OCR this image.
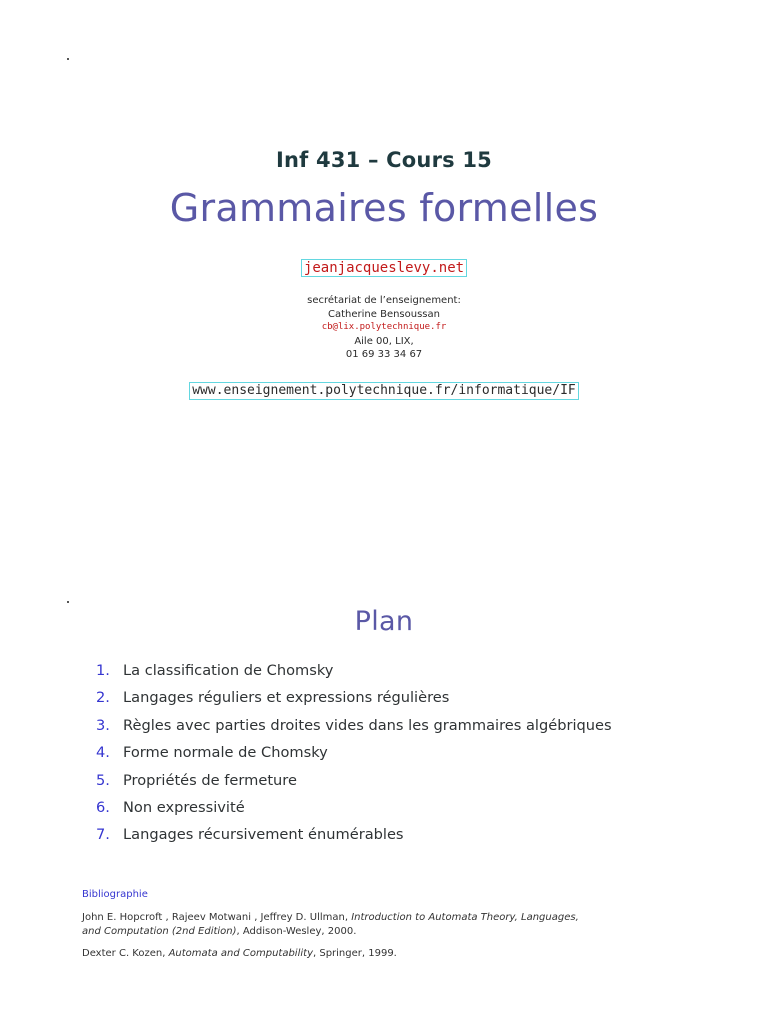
Inf 431 – Cours 15
Grammaires formelles
jeanjacqueslevy.net
secrétariat de l’enseignement:
Catherine Bensoussan
cb@lix.polytechnique.fr
Aile 00, LIX,
01 69 33 34 67
www.enseignement.polytechnique.fr/informatique/IF
Plan
1. La classification de Chomsky
2. Langages réguliers et expressions régulières
3. Règles avec parties droites vides dans les grammaires algébriques
4. Forme normale de Chomsky
5. Propriétés de fermeture
6. Non expressivité
7. Langages récursivement énumérables
Bibliographie
John E. Hopcroft , Rajeev Motwani , Jeffrey D. Ullman, Introduction to Automata Theory, Languages,
and Computation (2nd Edition), Addison-Wesley, 2000.
Dexter C. Kozen, Automata and Computability, Springer, 1999.
